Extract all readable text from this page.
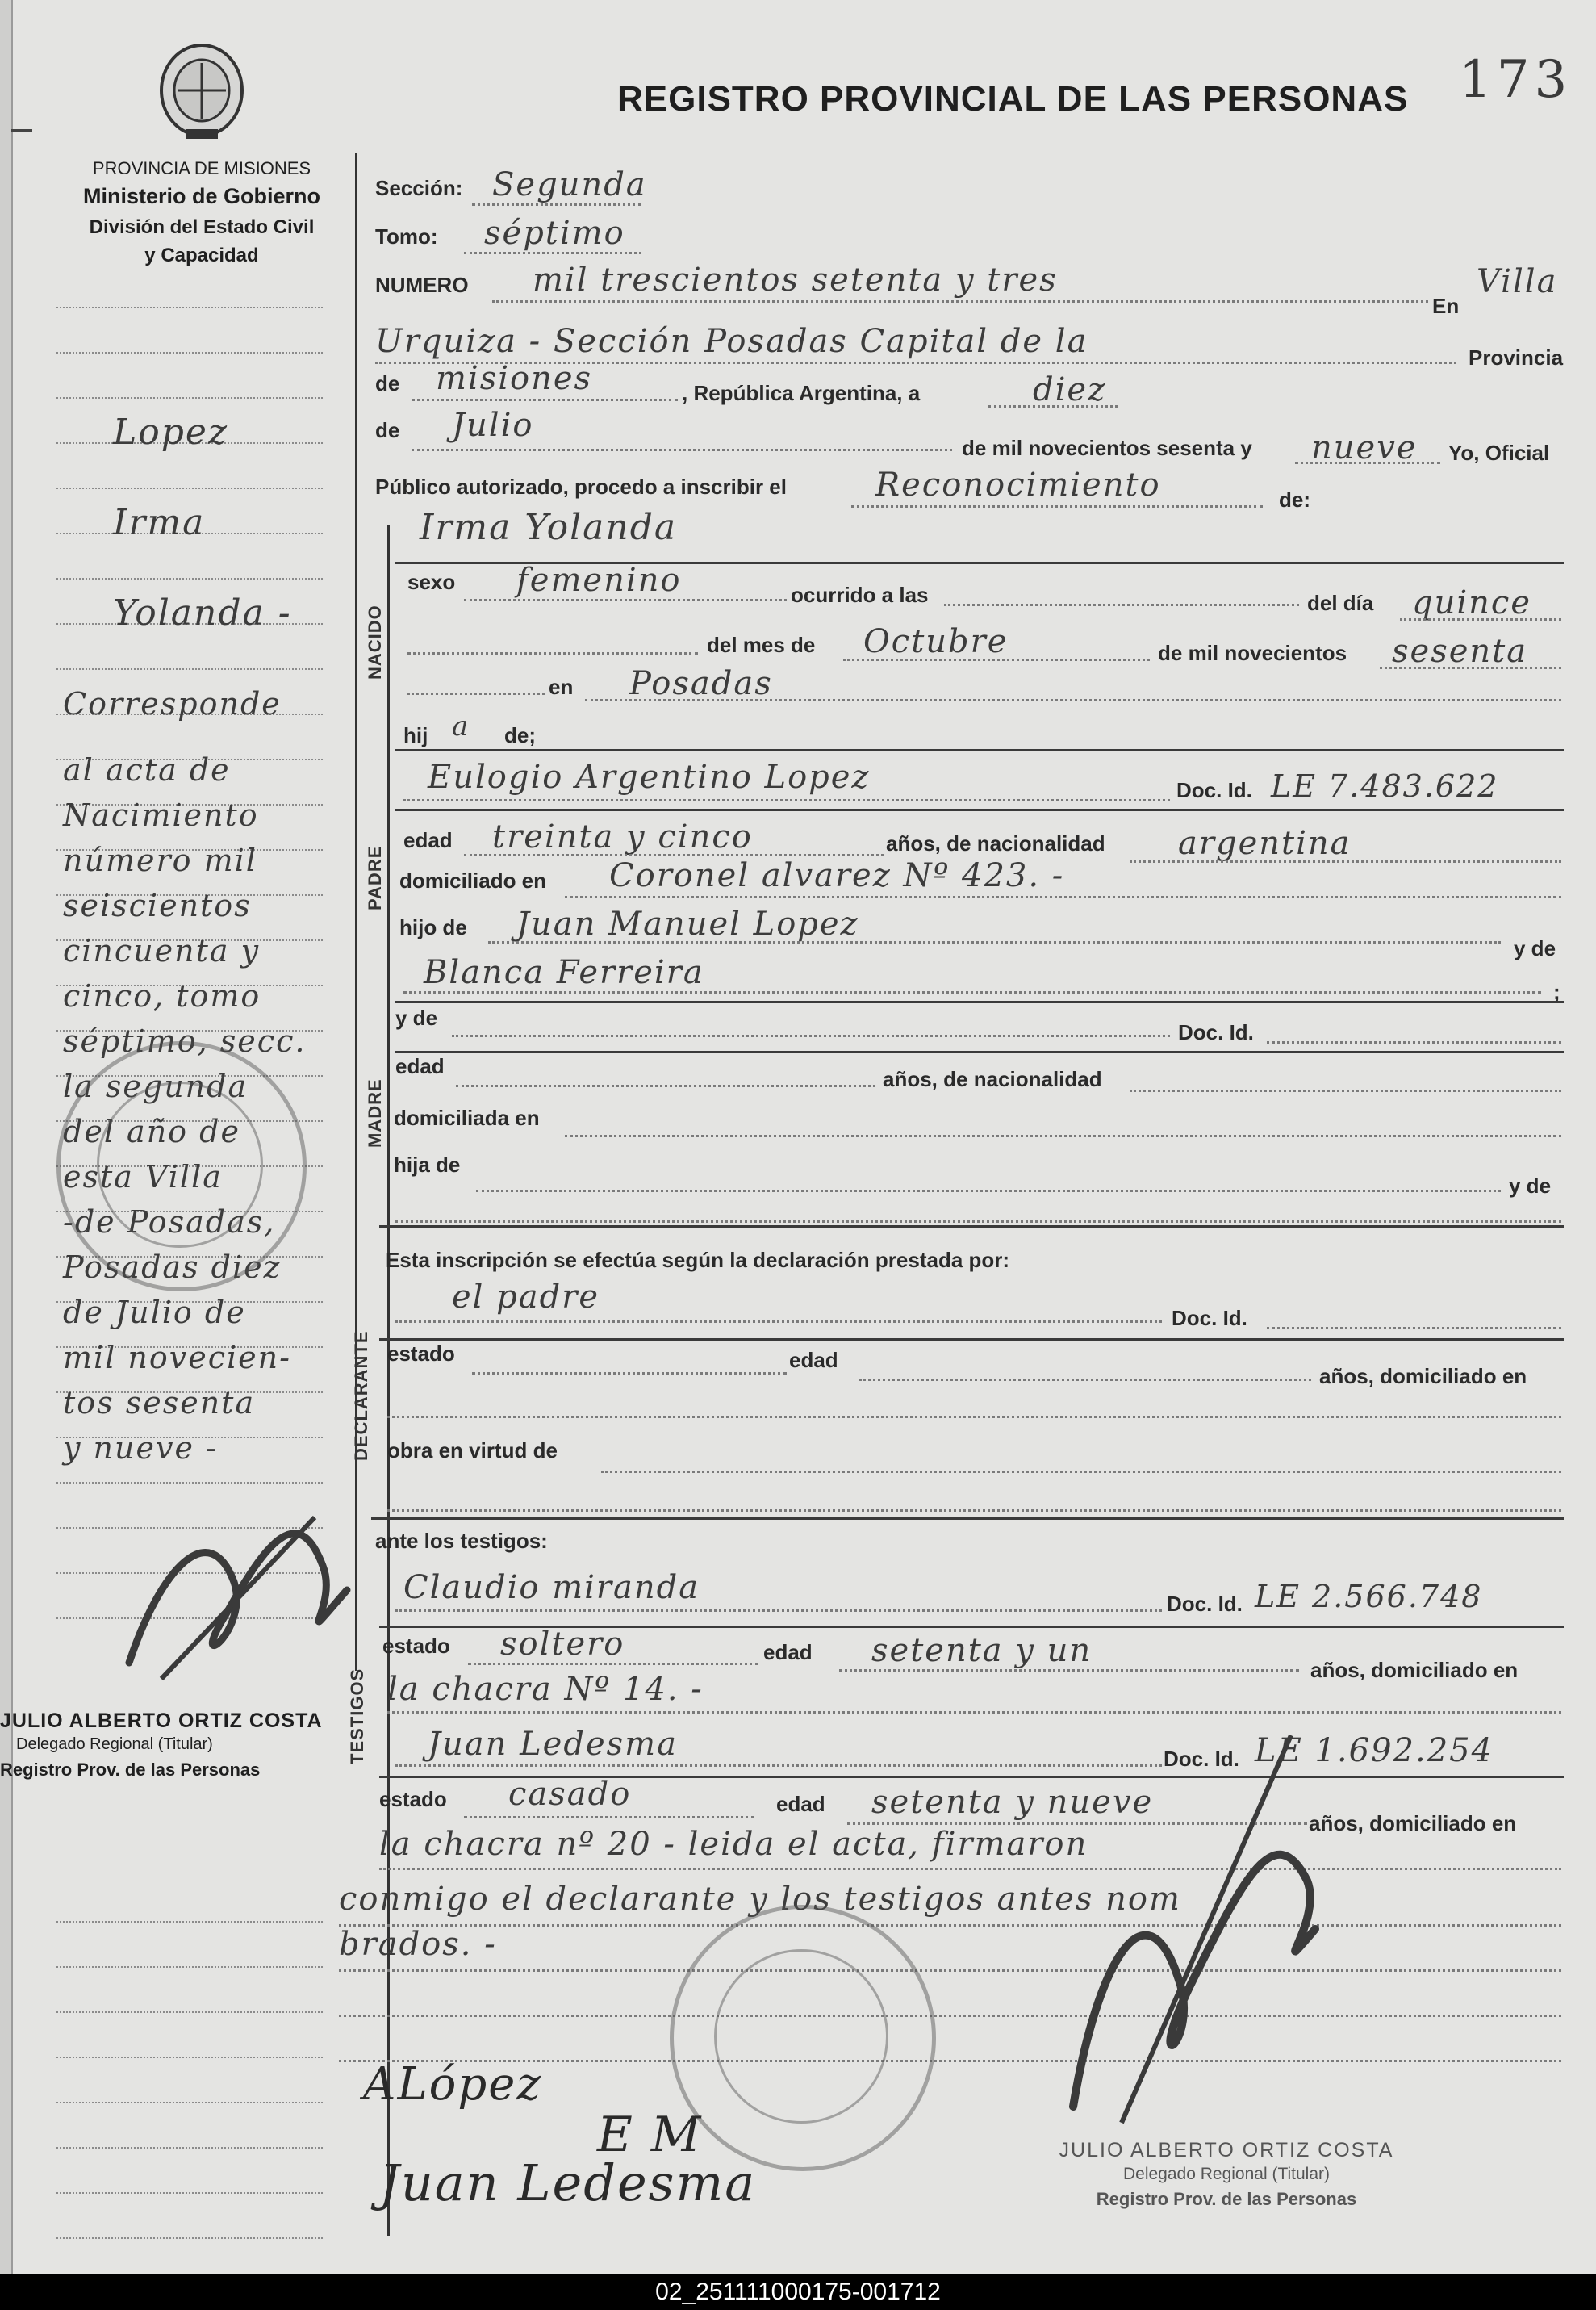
PROVINCIA DE MISIONES
Ministerio de Gobierno
División del Estado Civil
y Capacidad
REGISTRO PROVINCIAL DE LAS PERSONAS 173
Lopez
Irma
Yolanda -
Corresponde
al acta de
Nacimiento
número mil
seiscientos
cincuenta y
cinco, tomo
séptimo, secc.
la segunda
del año de
esta Villa
-de Posadas,
Posadas diez
de Julio de
mil novecien-
tos sesenta
y nueve -
JULIO ALBERTO ORTIZ COSTA
Delegado Regional (Titular)
Registro Prov. de las Personas
NACIDO
PADRE
MADRE
DECLARANTE
TESTIGOS
Sección: Segunda
Tomo: séptimo
NUMERO mil trescientos setenta y tres
En
Villa
Urquiza - Sección Posadas Capital de la	Provincia
de misiones	, República Argentina, a	diez
de Julio
de mil novecientos sesenta y nueve Yo, Oficial
Público autorizado, procedo a inscribir el	Reconocimiento	de:
Irma Yolanda
sexo femenino	ocurrido a las	del día quince
del mes de Octubre	de mil novecientos sesenta
en Posadas
hij a de;
Eulogio Argentino Lopez	Doc. Id. LE 7.483.622
edad treinta y cinco	años, de nacionalidad argentina
domiciliado en Coronel alvarez Nº 423. -
hijo de Juan Manuel Lopez
y de
Blanca Ferreira
;
y de
Doc. Id.
edad
años, de nacionalidad
domiciliada en
hija de
y de
Esta inscripción se efectúa según la declaración prestada por:
el padre
Doc. Id.
estado	edad
años, domiciliado en
obra en virtud de
ante los testigos:
Claudio miranda	Doc. Id. LE 2.566.748
estado soltero	edad setenta y un
años, domiciliado en
la chacra Nº 14. -
Juan Ledesma	Doc. Id. LE 1.692.254
estado casado	edad setenta y nueve
años, domiciliado en
la chacra nº 20 - leida el acta, firmaron
conmigo el declarante y los testigos antes nom
brados. -
ALópez
E M
Juan Ledesma
JULIO ALBERTO ORTIZ COSTA
Delegado Regional (Titular)
Registro Prov. de las Personas
02_251111000175-001712
